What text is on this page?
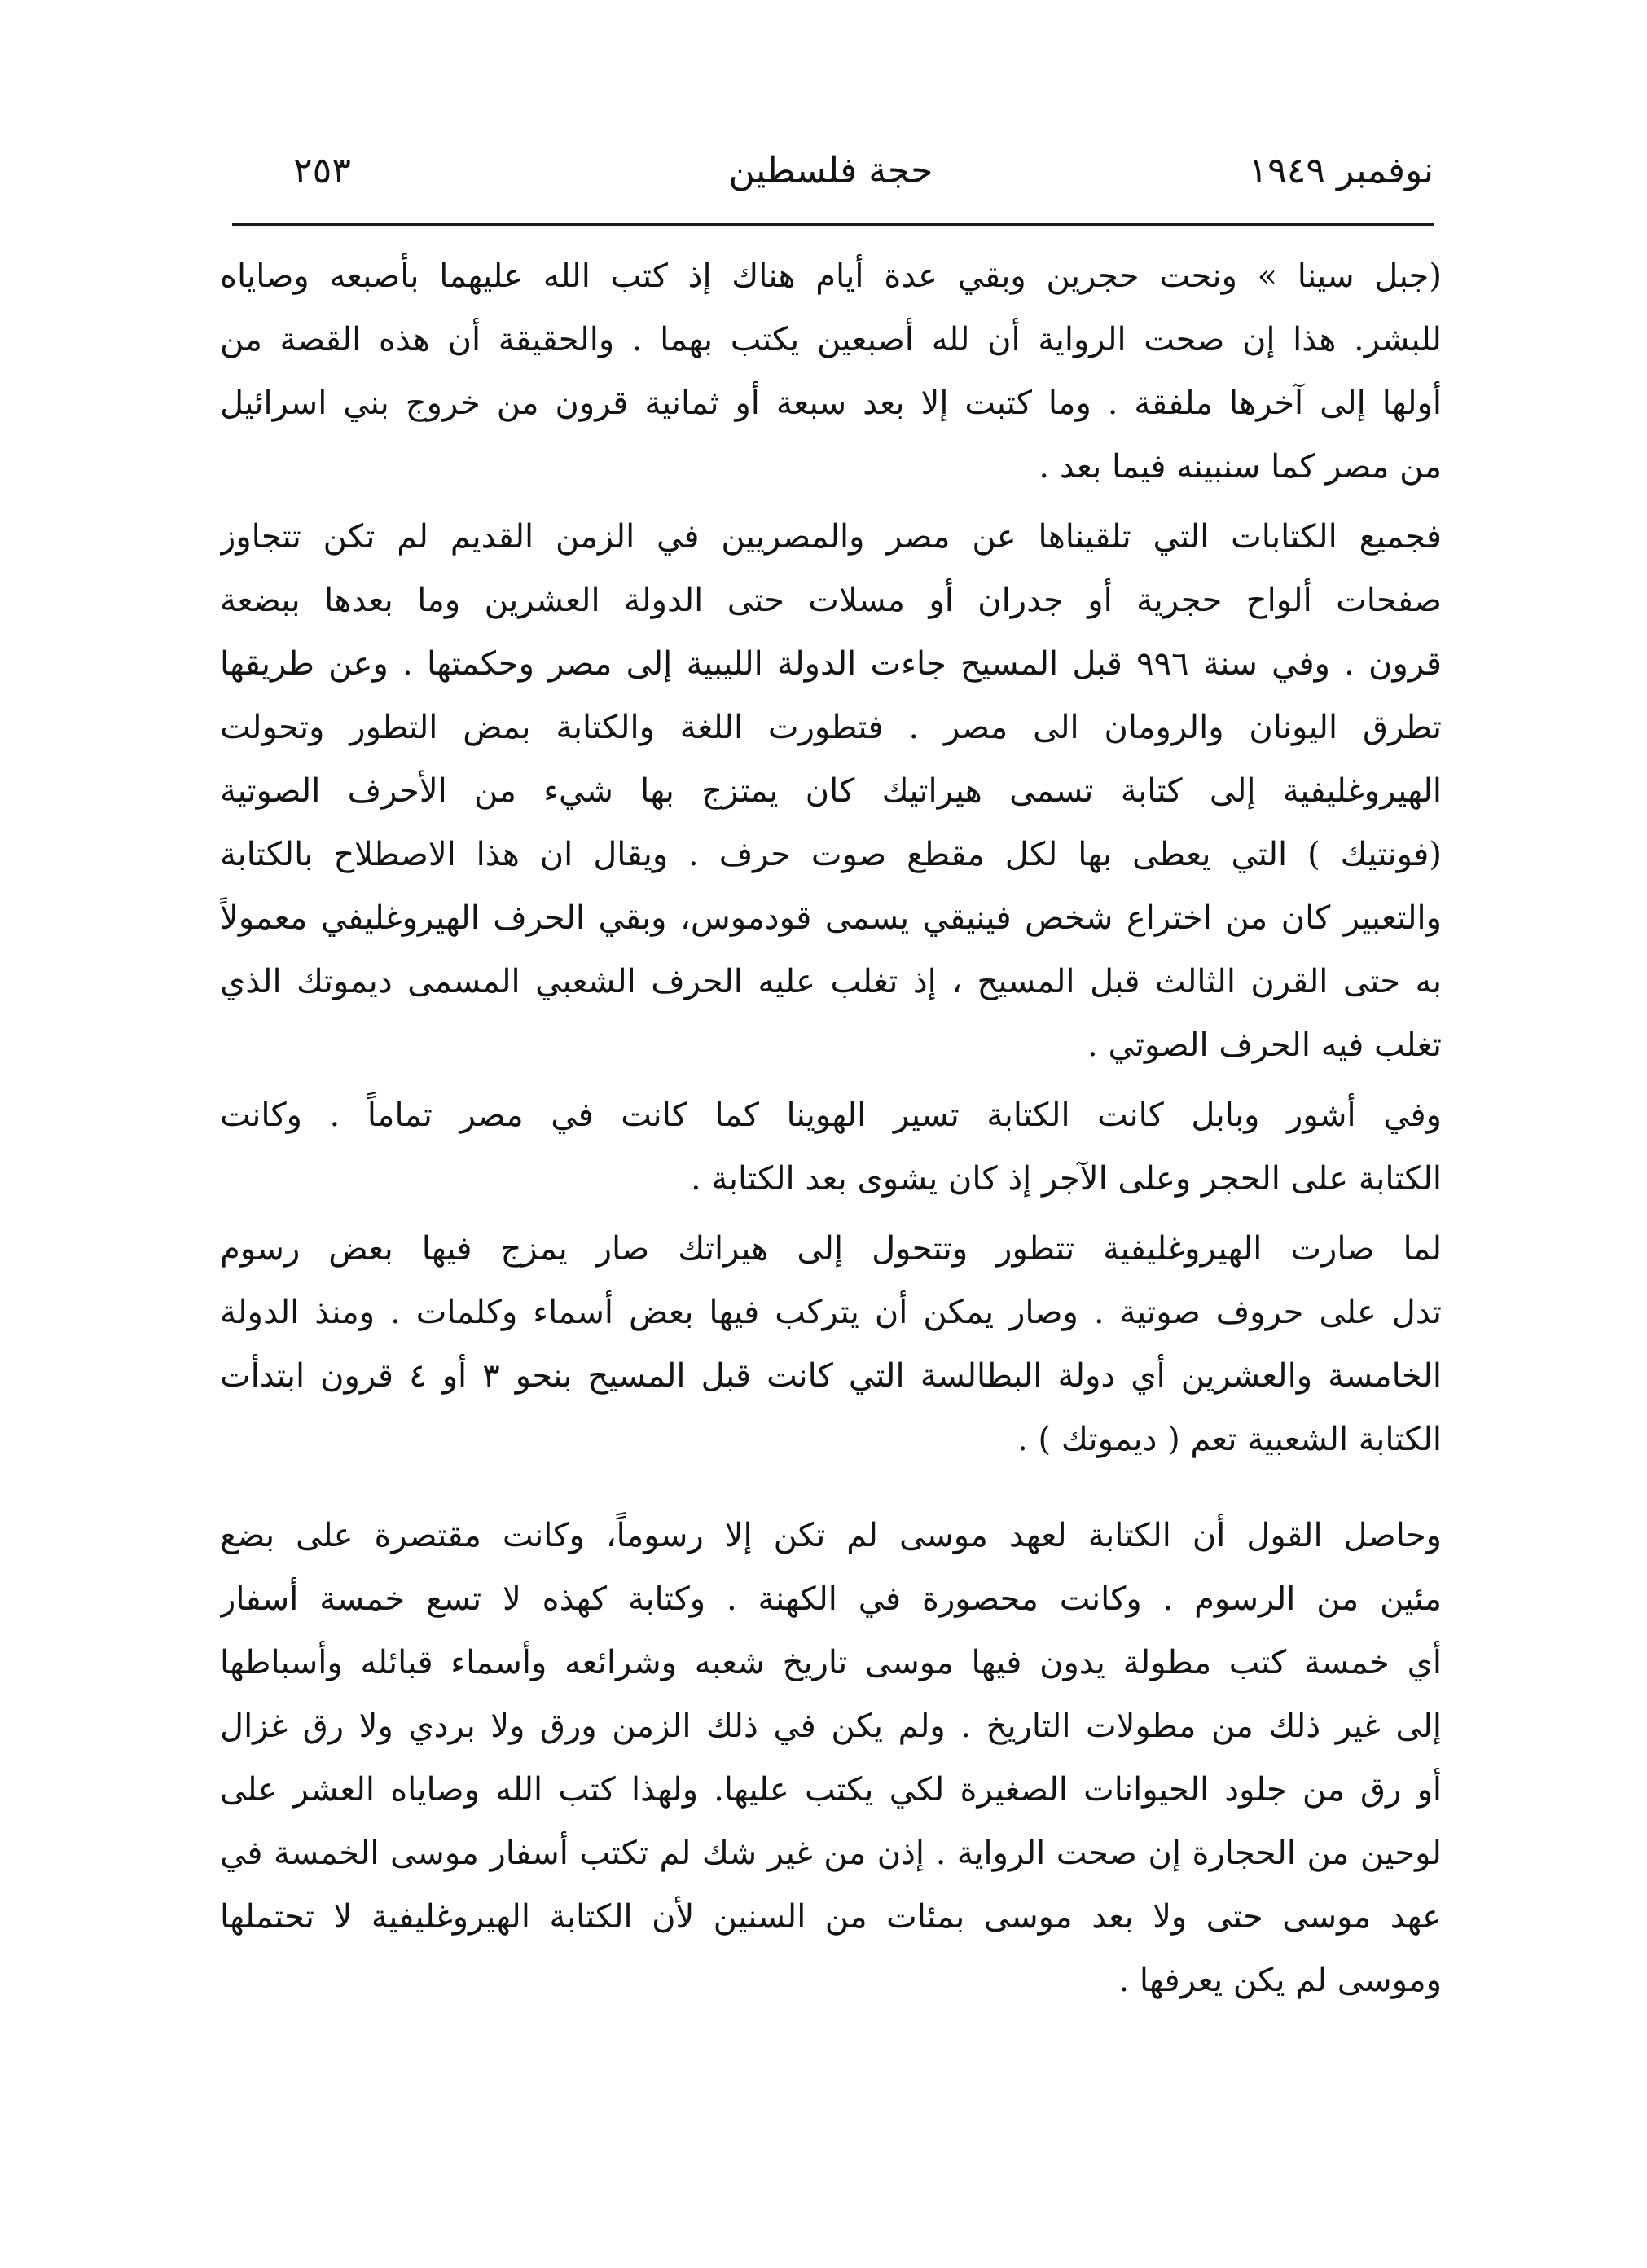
نوفمبر ١٩٤٩
حجة فلسطين
٢٥٣
(جبل سينا » ونحت حجرين وبقي عدة أيام هناك إذ كتب الله عليهما بأصبعه وصاياه
للبشر. هذا إن صحت الرواية أن لله أصبعين يكتب بهما . والحقيقة أن هذه القصة من
أولها إلى آخرها ملفقة . وما كتبت إلا بعد سبعة أو ثمانية قرون من خروج بني اسرائيل
من مصر كما سنبينه فيما بعد .
فجميع الكتابات التي تلقيناها عن مصر والمصريين في الزمن القديم لم تكن تتجاوز
صفحات ألواح حجرية أو جدران أو مسلات حتى الدولة العشرين وما بعدها ببضعة
قرون . وفي سنة ٩٩٦ قبل المسيح جاءت الدولة الليبية إلى مصر وحكمتها . وعن طريقها
تطرق اليونان والرومان الى مصر . فتطورت اللغة والكتابة بمض التطور وتحولت
الهيروغليفية إلى كتابة تسمى هيراتيك كان يمتزج بها شيء من الأحرف الصوتية
(فونتيك ) التي يعطى بها لكل مقطع صوت حرف . ويقال ان هذا الاصطلاح بالكتابة
والتعبير كان من اختراع شخص فينيقي يسمى قودموس، وبقي الحرف الهيروغليفي معمولاً
به حتى القرن الثالث قبل المسيح ، إذ تغلب عليه الحرف الشعبي المسمى ديموتك الذي
تغلب فيه الحرف الصوتي .
وفي أشور وبابل كانت الكتابة تسير الهوينا كما كانت في مصر تماماً . وكانت
الكتابة على الحجر وعلى الآجر إذ كان يشوى بعد الكتابة .
لما صارت الهيروغليفية تتطور وتتحول إلى هيراتك صار يمزج فيها بعض رسوم
تدل على حروف صوتية . وصار يمكن أن يتركب فيها بعض أسماء وكلمات . ومنذ الدولة
الخامسة والعشرين أي دولة البطالسة التي كانت قبل المسيح بنحو ٣ أو ٤ قرون ابتدأت
الكتابة الشعبية تعم ( ديموتك ) .
وحاصل القول أن الكتابة لعهد موسى لم تكن إلا رسوماً، وكانت مقتصرة على بضع
مئين من الرسوم . وكانت محصورة في الكهنة . وكتابة كهذه لا تسع خمسة أسفار
أي خمسة كتب مطولة يدون فيها موسى تاريخ شعبه وشرائعه وأسماء قبائله وأسباطها
إلى غير ذلك من مطولات التاريخ . ولم يكن في ذلك الزمن ورق ولا بردي ولا رق غزال
أو رق من جلود الحيوانات الصغيرة لكي يكتب عليها. ولهذا كتب الله وصاياه العشر على
لوحين من الحجارة إن صحت الرواية . إذن من غير شك لم تكتب أسفار موسى الخمسة في
عهد موسى حتى ولا بعد موسى بمئات من السنين لأن الكتابة الهيروغليفية لا تحتملها
وموسى لم يكن يعرفها .
